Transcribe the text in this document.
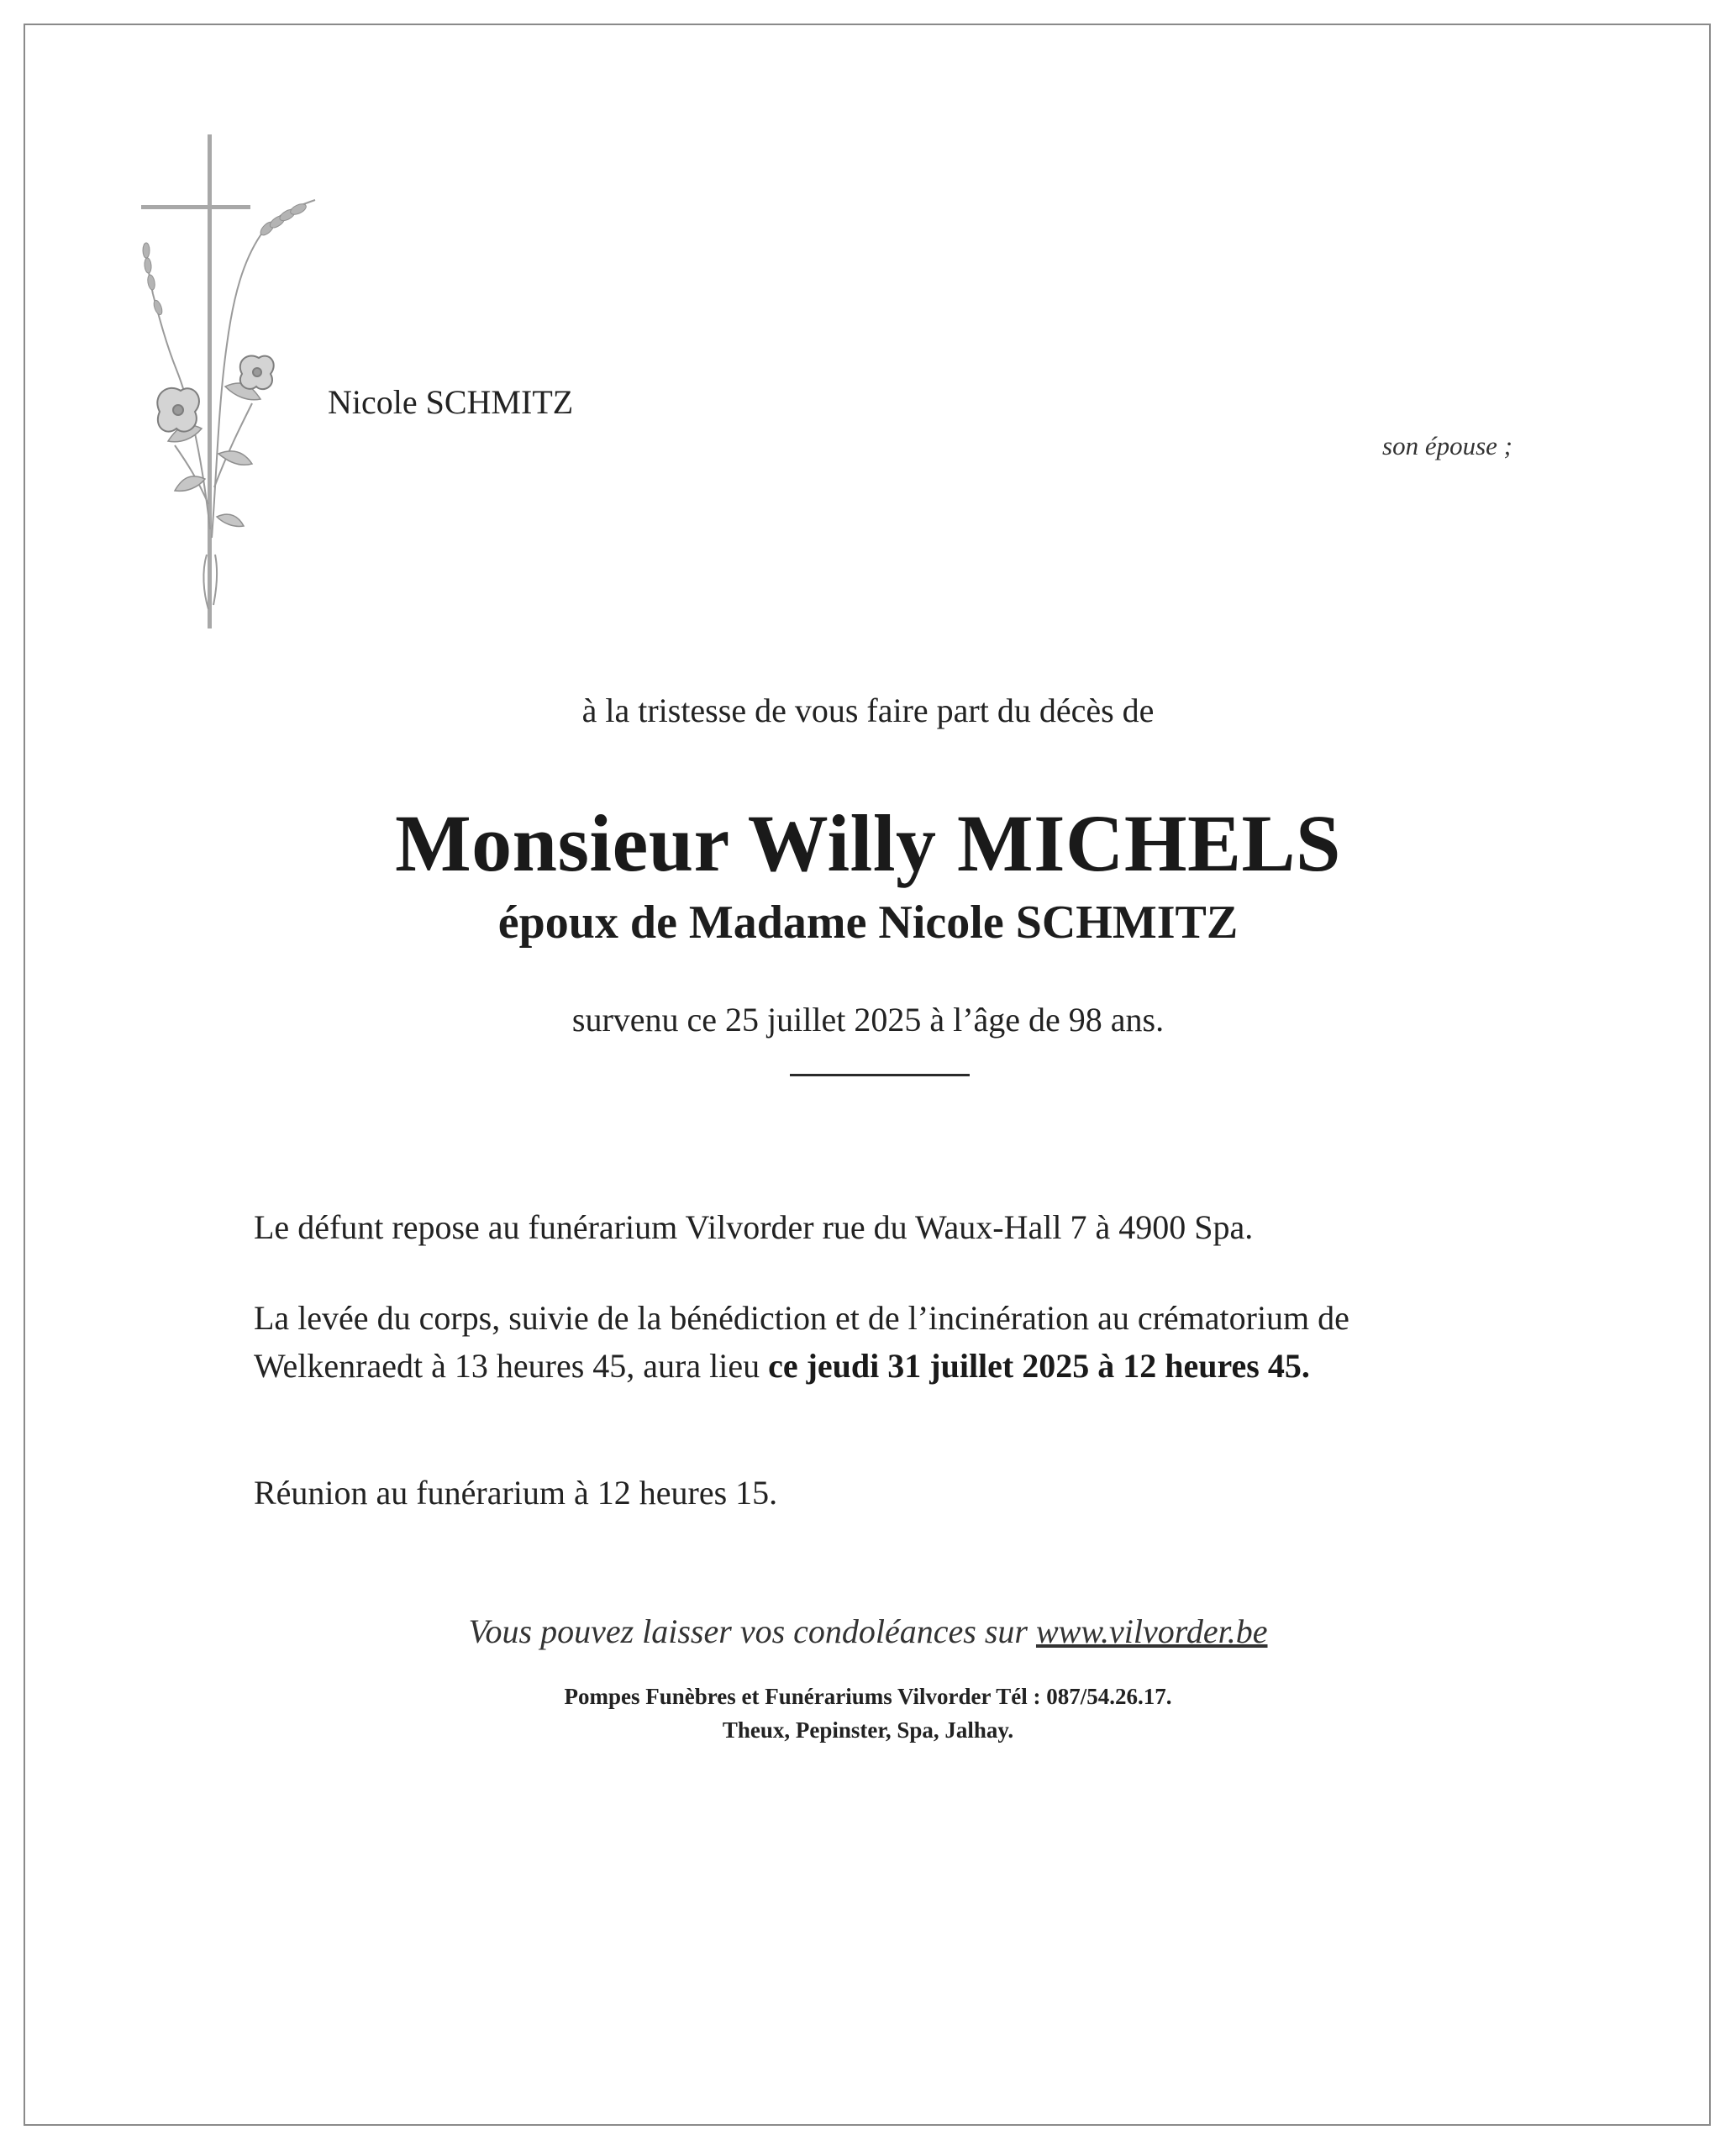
Nicole SCHMITZ
son épouse ;
à la tristesse de vous faire part du décès de
Monsieur Willy MICHELS
époux de Madame Nicole SCHMITZ
survenu ce 25 juillet 2025 à l’âge de 98 ans.
Le défunt repose au funérarium Vilvorder rue du Waux-Hall 7 à 4900 Spa.
La levée du corps, suivie de la bénédiction et de l’incinération au crématorium de Welkenraedt à 13 heures 45, aura lieu ce jeudi 31 juillet 2025 à 12 heures 45.
Réunion au funérarium à 12 heures 15.
Vous pouvez laisser vos condoléances sur www.vilvorder.be
Pompes Funèbres et Funérariums Vilvorder Tél : 087/54.26.17.
Theux, Pepinster, Spa, Jalhay.
